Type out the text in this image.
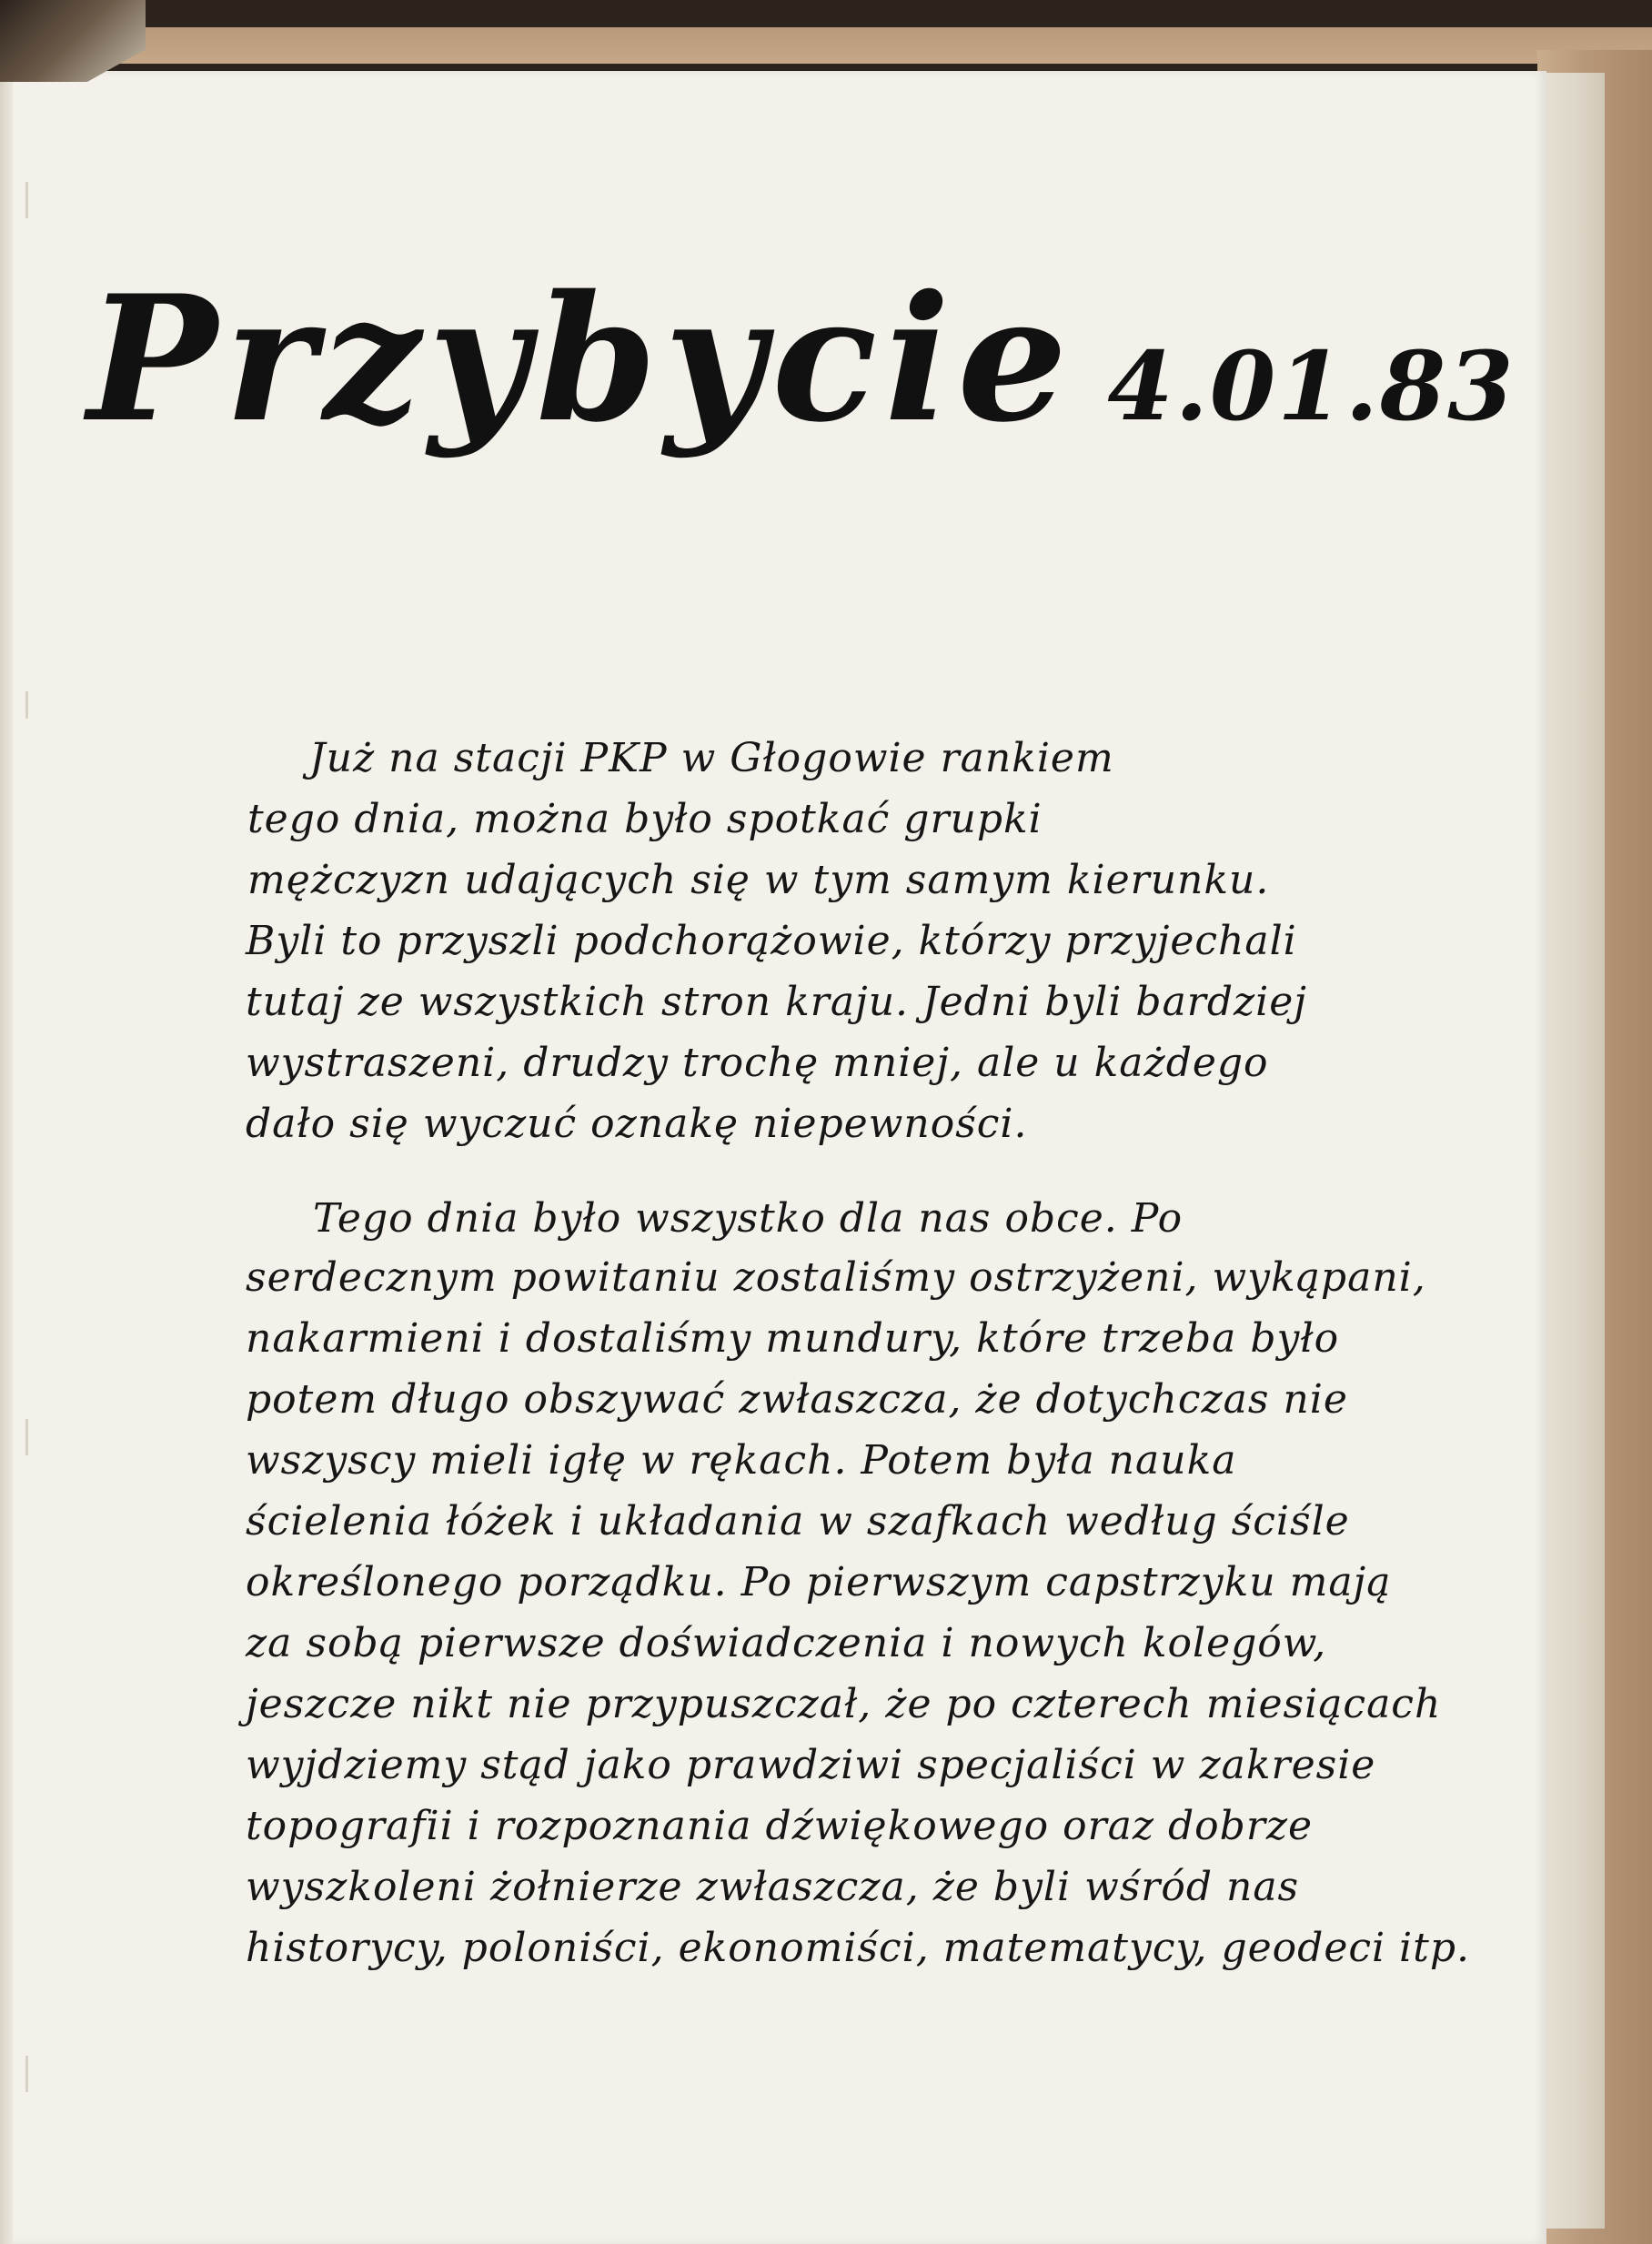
Przybycie 4.01.83
Już na stacji PKP w Głogowie rankiem
tego dnia, można było spotkać grupki
mężczyzn udających się w tym samym kierunku.
Byli to przyszli podchorążowie, którzy przyjechali
tutaj ze wszystkich stron kraju. Jedni byli bardziej
wystraszeni, drudzy trochę mniej, ale u każdego
dało się wyczuć oznakę niepewności.
Tego dnia było wszystko dla nas obce. Po
serdecznym powitaniu zostaliśmy ostrzyżeni, wykąpani,
nakarmieni i dostaliśmy mundury, które trzeba było
potem długo obszywać zwłaszcza, że dotychczas nie
wszyscy mieli igłę w rękach. Potem była nauka
ścielenia łóżek i układania w szafkach według ściśle
określonego porządku. Po pierwszym capstrzyku mają
za sobą pierwsze doświadczenia i nowych kolegów,
jeszcze nikt nie przypuszczał, że po czterech miesiącach
wyjdziemy stąd jako prawdziwi specjaliści w zakresie
topografii i rozpoznania dźwiękowego oraz dobrze
wyszkoleni żołnierze zwłaszcza, że byli wśród nas
historycy, poloniści, ekonomiści, matematycy, geodeci itp.
